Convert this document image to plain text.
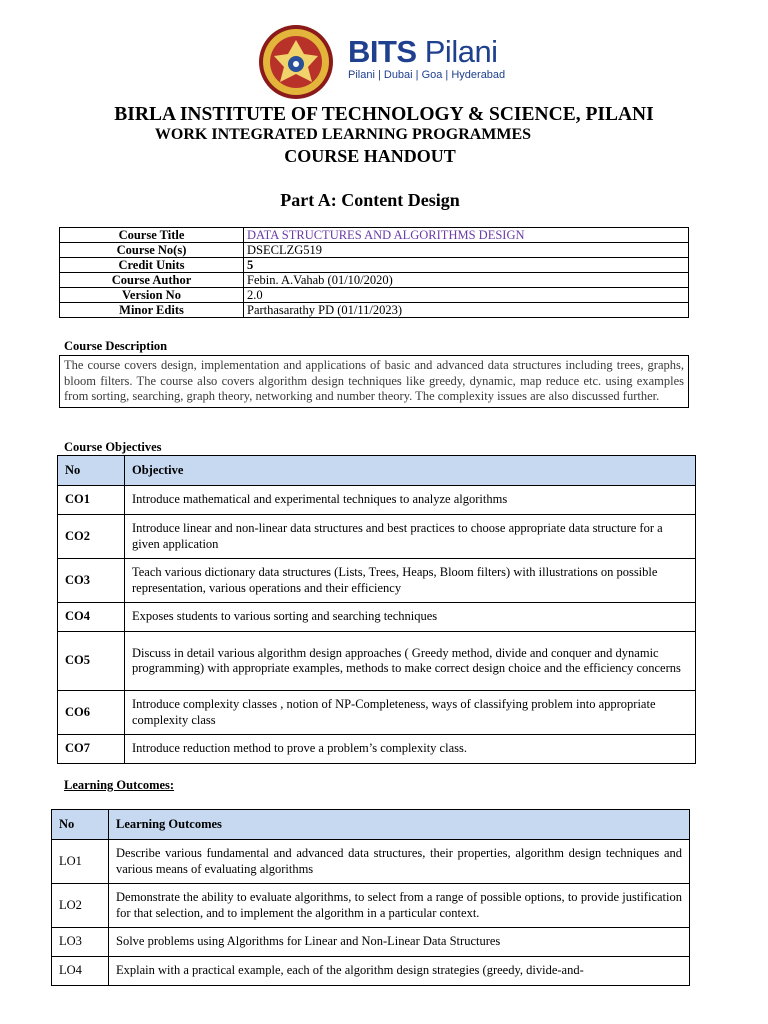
BITS Pilani
Pilani | Dubai | Goa | Hyderabad
BIRLA INSTITUTE OF TECHNOLOGY & SCIENCE, PILANI
WORK INTEGRATED LEARNING PROGRAMMES
COURSE HANDOUT
Part A: Content Design
Course Title	DATA STRUCTURES AND ALGORITHMS DESIGN
Course No(s)	DSECLZG519
Credit Units	5
Course Author	Febin. A.Vahab (01/10/2020)
Version No	2.0
Minor Edits	Parthasarathy PD (01/11/2023)
Course Description
The course covers design, implementation and applications of basic and advanced data structures including trees, graphs, bloom filters. The course also covers algorithm design techniques like greedy, dynamic, map reduce etc. using examples from sorting, searching, graph theory, networking and number theory. The complexity issues are also discussed further.
Course Objectives
No	Objective
CO1	Introduce mathematical and experimental techniques to analyze algorithms
CO2	Introduce linear and non-linear data structures and best practices to choose appropriate data structure for a given application
CO3	Teach various dictionary data structures (Lists, Trees, Heaps, Bloom filters) with illustrations on possible representation, various operations and their efficiency
CO4	Exposes students to various sorting and searching techniques
CO5	Discuss in detail various algorithm design approaches ( Greedy method, divide and conquer and dynamic programming) with appropriate examples, methods to make correct design choice and the efficiency concerns
CO6	Introduce complexity classes , notion of NP-Completeness, ways of classifying problem into appropriate complexity class
CO7	Introduce reduction method to prove a problem’s complexity class.
Learning Outcomes:
No	Learning Outcomes
LO1	Describe various fundamental and advanced data structures, their properties, algorithm design techniques and various means of evaluating algorithms
LO2	Demonstrate the ability to evaluate algorithms, to select from a range of possible options, to provide justification for that selection, and to implement the algorithm in a particular context.
LO3	Solve problems using Algorithms for Linear and Non-Linear Data Structures
LO4	Explain with a practical example, each of the algorithm design strategies (greedy, divide-and-
